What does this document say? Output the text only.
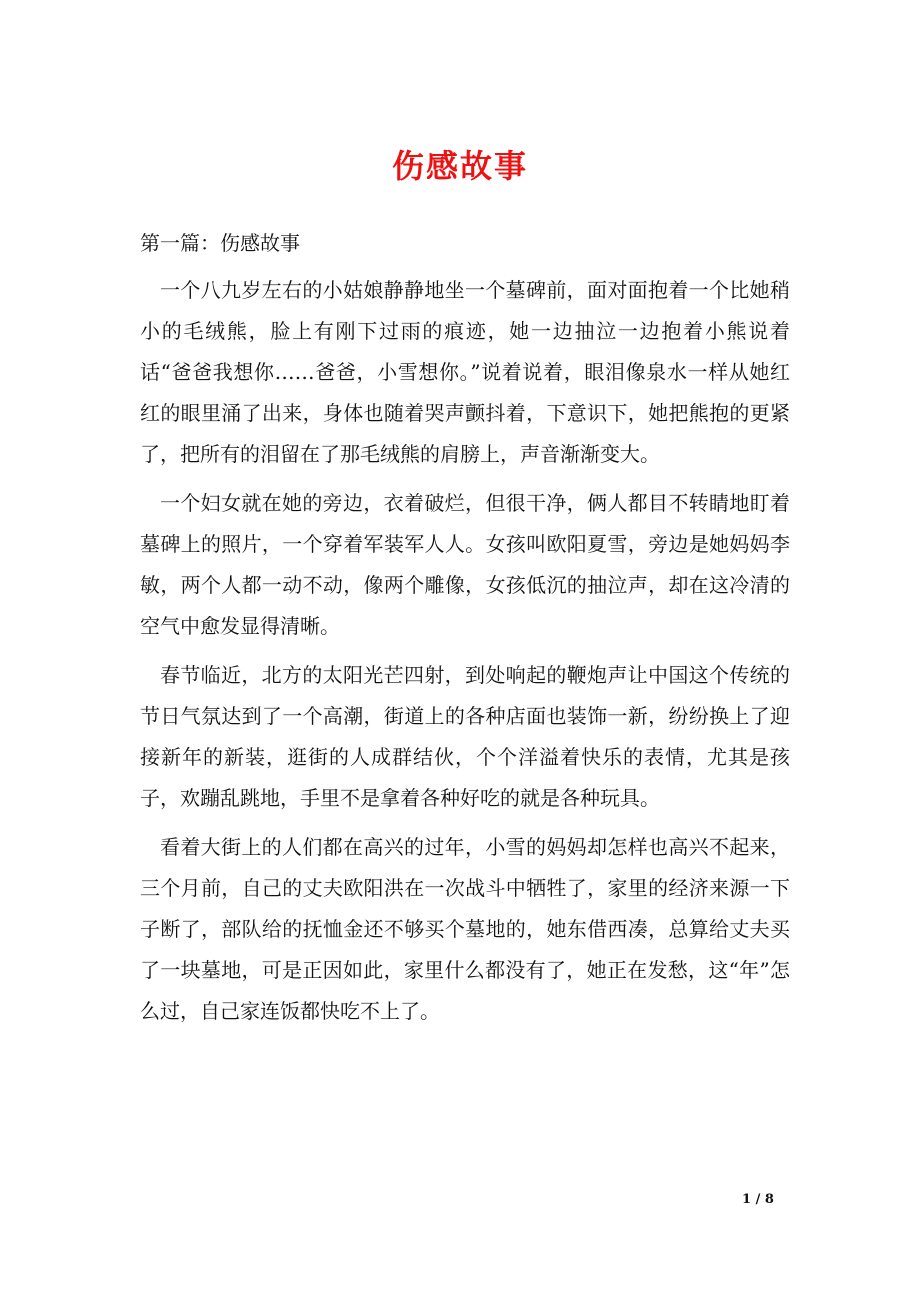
伤感故事

第一篇：伤感故事

一个八九岁左右的小姑娘静静地坐一个墓碑前，面对面抱着一个比她稍小的毛绒熊，脸上有刚下过雨的痕迹，她一边抽泣一边抱着小熊说着话“爸爸我想你……爸爸，小雪想你。”说着说着，眼泪像泉水一样从她红红的眼里涌了出来，身体也随着哭声颤抖着，下意识下，她把熊抱的更紧了，把所有的泪留在了那毛绒熊的肩膀上，声音渐渐变大。

一个妇女就在她的旁边，衣着破烂，但很干净，俩人都目不转睛地盯着墓碑上的照片，一个穿着军装军人人。女孩叫欧阳夏雪，旁边是她妈妈李敏，两个人都一动不动，像两个雕像，女孩低沉的抽泣声，却在这冷清的空气中愈发显得清晰。

春节临近，北方的太阳光芒四射，到处响起的鞭炮声让中国这个传统的节日气氛达到了一个高潮，街道上的各种店面也装饰一新，纷纷换上了迎接新年的新装，逛街的人成群结伙，个个洋溢着快乐的表情，尤其是孩子，欢蹦乱跳地，手里不是拿着各种好吃的就是各种玩具。

看着大街上的人们都在高兴的过年，小雪的妈妈却怎样也高兴不起来，三个月前，自己的丈夫欧阳洪在一次战斗中牺牲了，家里的经济来源一下子断了，部队给的抚恤金还不够买个墓地的，她东借西凑，总算给丈夫买了一块墓地，可是正因如此，家里什么都没有了，她正在发愁，这“年”怎么过，自己家连饭都快吃不上了。

1 / 8
